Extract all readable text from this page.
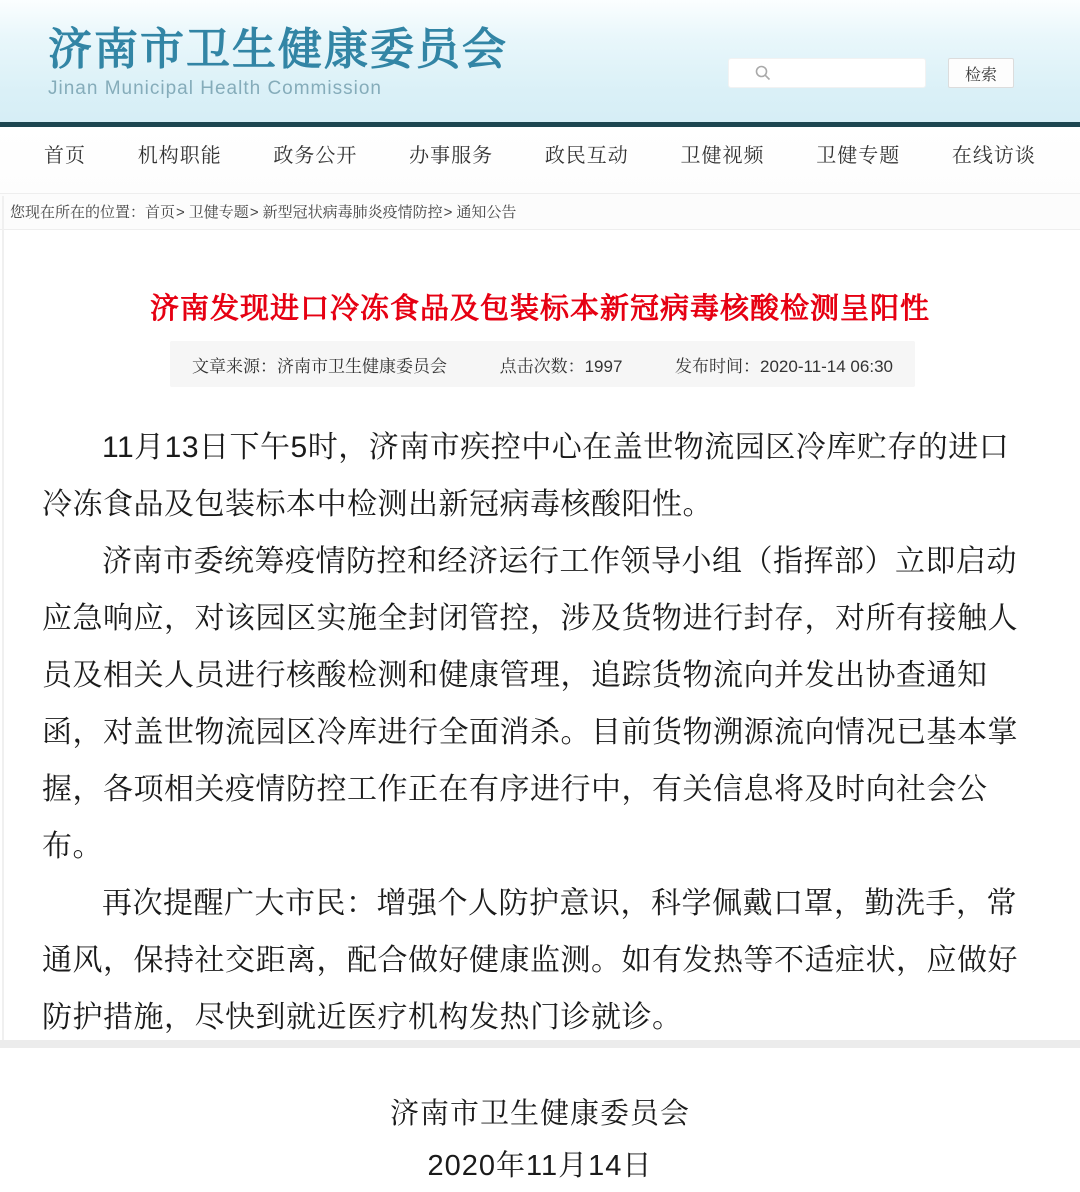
济南市卫生健康委员会
Jinan Municipal Health Commission
检索
首页	机构职能	政务公开	办事服务	政民互动	卫健视频	卫健专题	在线访谈
您现在所在的位置： 首页> 卫健专题> 新型冠状病毒肺炎疫情防控> 通知公告
济南发现进口冷冻食品及包装标本新冠病毒核酸检测呈阳性
文章来源：济南市卫生健康委员会	点击次数：1997	发布时间：2020-11-14 06:30

11月13日下午5时，济南市疾控中心在盖世物流园区冷库贮存的进口冷冻食品及包装标本中检测出新冠病毒核酸阳性。

济南市委统筹疫情防控和经济运行工作领导小组（指挥部）立即启动应急响应，对该园区实施全封闭管控，涉及货物进行封存，对所有接触人员及相关人员进行核酸检测和健康管理，追踪货物流向并发出协查通知函，对盖世物流园区冷库进行全面消杀。目前货物溯源流向情况已基本掌握，各项相关疫情防控工作正在有序进行中，有关信息将及时向社会公布。

再次提醒广大市民：增强个人防护意识，科学佩戴口罩，勤洗手，常通风，保持社交距离，配合做好健康监测。如有发热等不适症状，应做好防护措施，尽快到就近医疗机构发热门诊就诊。

济南市卫生健康委员会
2020年11月14日
